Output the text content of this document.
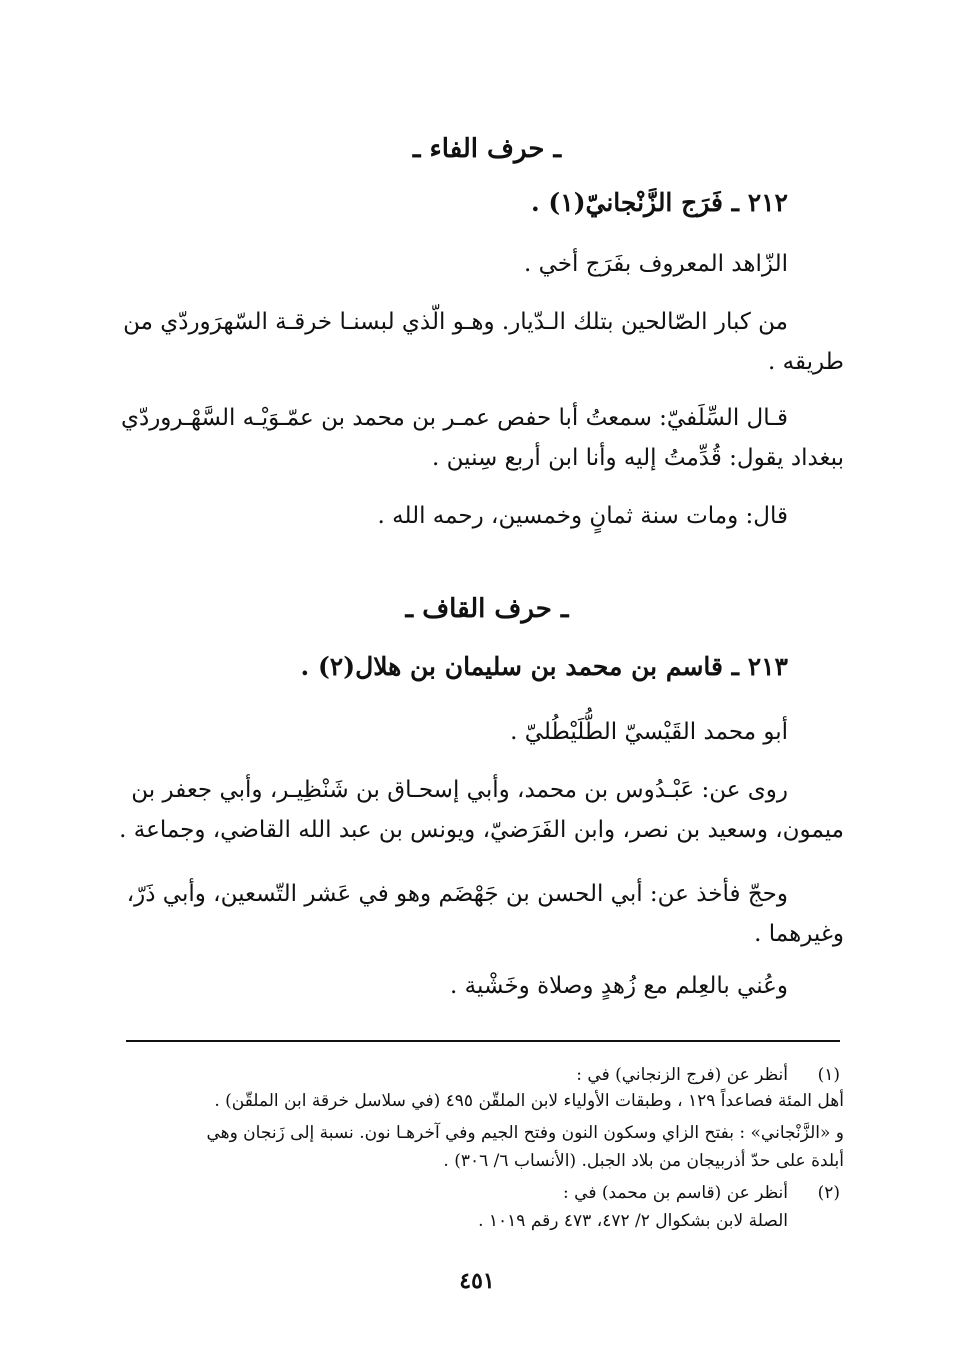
ـ حرف الفاء ـ
٢١٢ ـ فَرَج الزَّنْجانيّ(١) .
الزّاهد المعروف بفَرَج أخي .
من كبار الصّالحين بتلك الـدّيار. وهـو الّذي لبسنـا خرقـة السّهرَوردّي من
طريقه .
قـال السِّلَفيّ: سمعتُ أبا حفص عمـر بن محمد بن عمّـوَيْـه السَّهْـروردّي
ببغداد يقول: قُدِّمتُ إليه وأنا ابن أربع سِنين .
قال: ومات سنة ثمانٍ وخمسين، رحمه الله .
ـ حرف القاف ـ
٢١٣ ـ قاسم بن محمد بن سليمان بن هلال(٢) .
أبو محمد القَيْسيّ الطُّلَيْطُليّ .
روى عن: عَبْـدُوس بن محمد، وأبي إسحـاق بن شَنْظِيـر، وأبي جعفر بن
ميمون، وسعيد بن نصر، وابن الفَرَضيّ، ويونس بن عبد الله القاضي، وجماعة .
وحجّ فأخذ عن: أبي الحسن بن جَهْضَم وهو في عَشر التّسعين، وأبي ذَرّ،
وغيرهما .
وعُني بالعِلم مع زُهدٍ وصلاة وخَشْية .
(١)
أنظر عن (فرج الزنجاني) في :
أهل المئة فصاعداً ١٢٩ ، وطبقات الأولياء لابن الملقّن ٤٩٥ (في سلاسل خرقة ابن الملقّن) .
و «الزَّنْجاني» : بفتح الزاي وسكون النون وفتح الجيم وفي آخرهـا نون. نسبة إلى زَنجان وهي
أبلدة على حدّ أذربيجان من بلاد الجبل. (الأنساب ٦/ ٣٠٦) .
(٢)
أنظر عن (قاسم بن محمد) في :
الصلة لابن بشكوال ٢/ ٤٧٢، ٤٧٣ رقم ١٠١٩ .
٤٥١
